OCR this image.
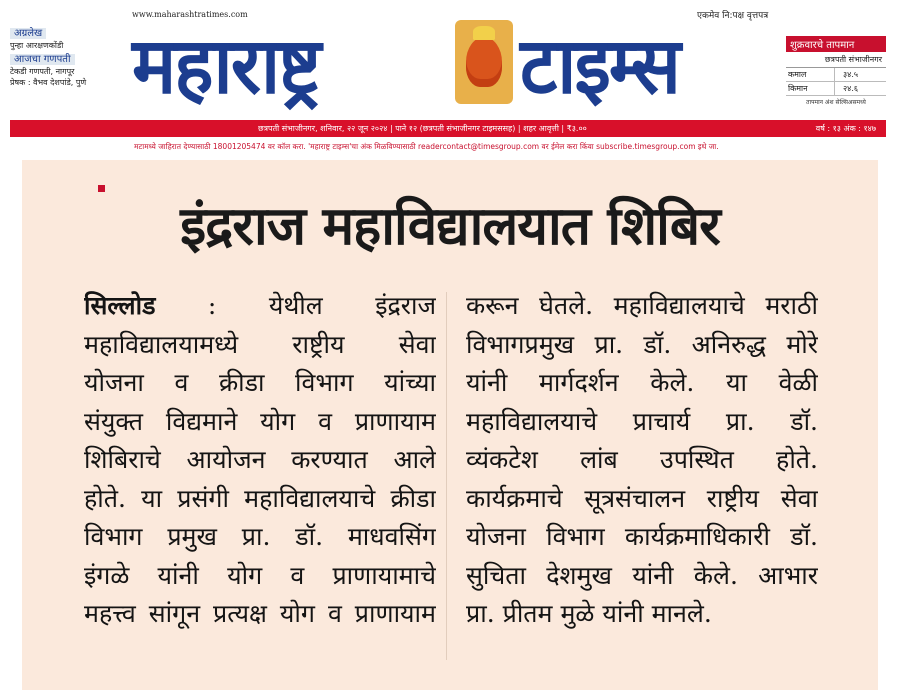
www.maharashtratimes.com	एकमेव नि:पक्ष वृत्तपत्र
अग्रलेख
पुन्हा आरक्षणकोंडी
आजचा गणपती
टेकडी गणपती, नागपूर
प्रेषक : वैभव देशपांडे, पुणे महाराष्ट्र	टाइम्स	शुक्रवारचे तापमान
छत्रपती संभाजीनगर
कमाल	३४.५
किमान	२४.६
तापमान अंश सेल्सिअसमध्ये
छत्रपती संभाजीनगर, शनिवार, २२ जून २०२४ | पाने १२ (छत्रपती संभाजीनगर टाइमससह) | शहर आवृत्ती | ₹३.००	वर्ष : १३ अंक : १४७
मटामध्ये जाहिरात देण्यासाठी 18001205474 वर कॉल करा. 'महाराष्ट्र टाइम्स'चा अंक मिळविण्यासाठी readercontact@timesgroup.com वर ईमेल करा किंवा subscribe.timesgroup.com इथे जा.
इंद्रराज महाविद्यालयात शिबिर
सिल्लोड : येथील इंद्रराज
महाविद्यालयामध्ये राष्ट्रीय सेवा
योजना व क्रीडा विभाग यांच्या
संयुक्त विद्यमाने योग व प्राणायाम
शिबिराचे आयोजन करण्यात आले
होते. या प्रसंगी महाविद्यालयाचे क्रीडा
विभाग प्रमुख प्रा. डॉ. माधवसिंग
इंगळे यांनी योग व प्राणायामाचे
महत्त्व सांगून प्रत्यक्ष योग व प्राणायाम
करून घेतले. महाविद्यालयाचे मराठी
विभागप्रमुख प्रा. डॉ. अनिरुद्ध मोरे
यांनी मार्गदर्शन केले. या वेळी
महाविद्यालयाचे प्राचार्य प्रा. डॉ.
व्यंकटेश लांब उपस्थित होते.
कार्यक्रमाचे सूत्रसंचालन राष्ट्रीय सेवा
योजना विभाग कार्यक्रमाधिकारी डॉ.
सुचिता देशमुख यांनी केले. आभार
प्रा. प्रीतम मुळे यांनी मानले.
